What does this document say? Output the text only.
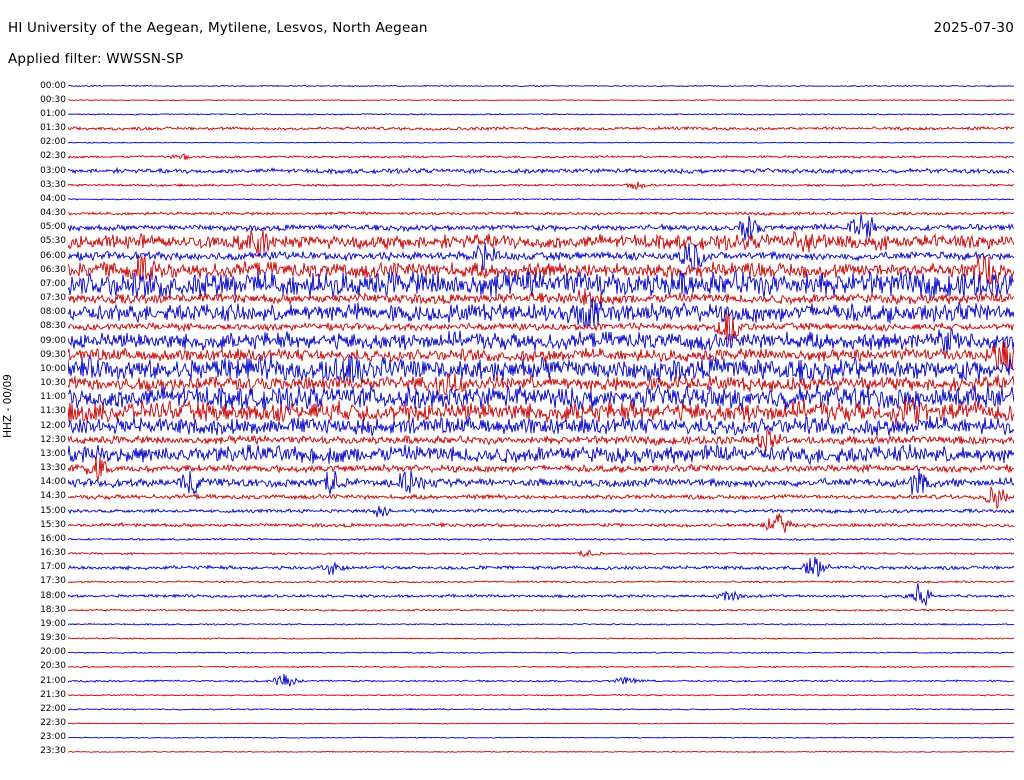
HI University of the Aegean, Mytilene, Lesvos, North Aegean	2025-07-30
Applied filter: WWSSN-SP
HHZ - 00/09
00:00
00:30
01:00
01:30
02:00
02:30
03:00
03:30
04:00
04:30
05:00
05:30
06:00
06:30
07:00
07:30
08:00
08:30
09:00
09:30
10:00
10:30
11:00
11:30
12:00
12:30
13:00
13:30
14:00
14:30
15:00
15:30
16:00
16:30
17:00
17:30
18:00
18:30
19:00
19:30
20:00
20:30
21:00
21:30
22:00
22:30
23:00
23:30
